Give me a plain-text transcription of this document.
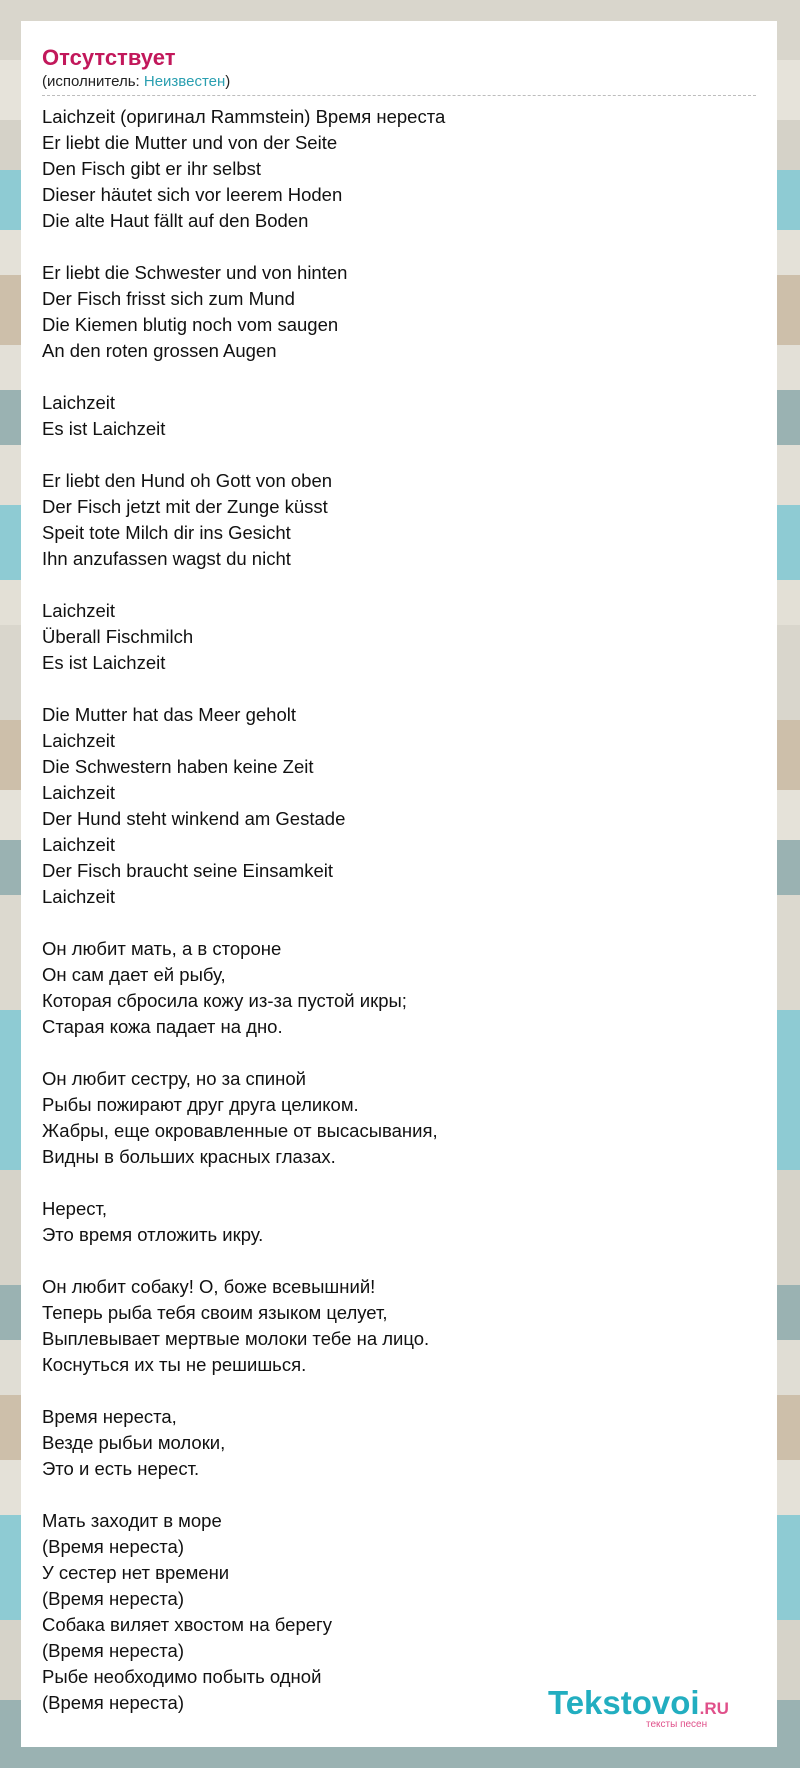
Отсутствует
(исполнитель: Неизвестен)
Laichzeit (оригинал Rammstein) Время нереста
Er liebt die Mutter und von der Seite
Den Fisch gibt er ihr selbst
Dieser häutet sich vor leerem Hoden
Die alte Haut fällt auf den Boden
Er liebt die Schwester und von hinten
Der Fisch frisst sich zum Mund
Die Kiemen blutig noch vom saugen
An den roten grossen Augen
Laichzeit
Es ist Laichzeit
Er liebt den Hund oh Gott von oben
Der Fisch jetzt mit der Zunge küsst
Speit tote Milch dir ins Gesicht
Ihn anzufassen wagst du nicht
Laichzeit
Überall Fischmilch
Es ist Laichzeit
Die Mutter hat das Meer geholt
Laichzeit
Die Schwestern haben keine Zeit
Laichzeit
Der Hund steht winkend am Gestade
Laichzeit
Der Fisch braucht seine Einsamkeit
Laichzeit
Он любит мать, а в стороне
Он сам дает ей рыбу,
Которая сбросила кожу из-за пустой икры;
Старая кожа падает на дно.
Он любит сестру, но за спиной
Рыбы пожирают друг друга целиком.
Жабры, еще окровавленные от высасывания,
Видны в больших красных глазах.
Нерест,
Это время отложить икру.
Он любит собаку! О, боже всевышний!
Теперь рыба тебя своим языком целует,
Выплевывает мертвые молоки тебе на лицо.
Коснуться их ты не решишься.
Время нереста,
Везде рыбьи молоки,
Это и есть нерест.
Мать заходит в море
(Время нереста)
У сестер нет времени
(Время нереста)
Собака виляет хвостом на берегу
(Время нереста)
Рыбе необходимо побыть одной
(Время нереста)	Tekstovoi.RU
тексты песен
